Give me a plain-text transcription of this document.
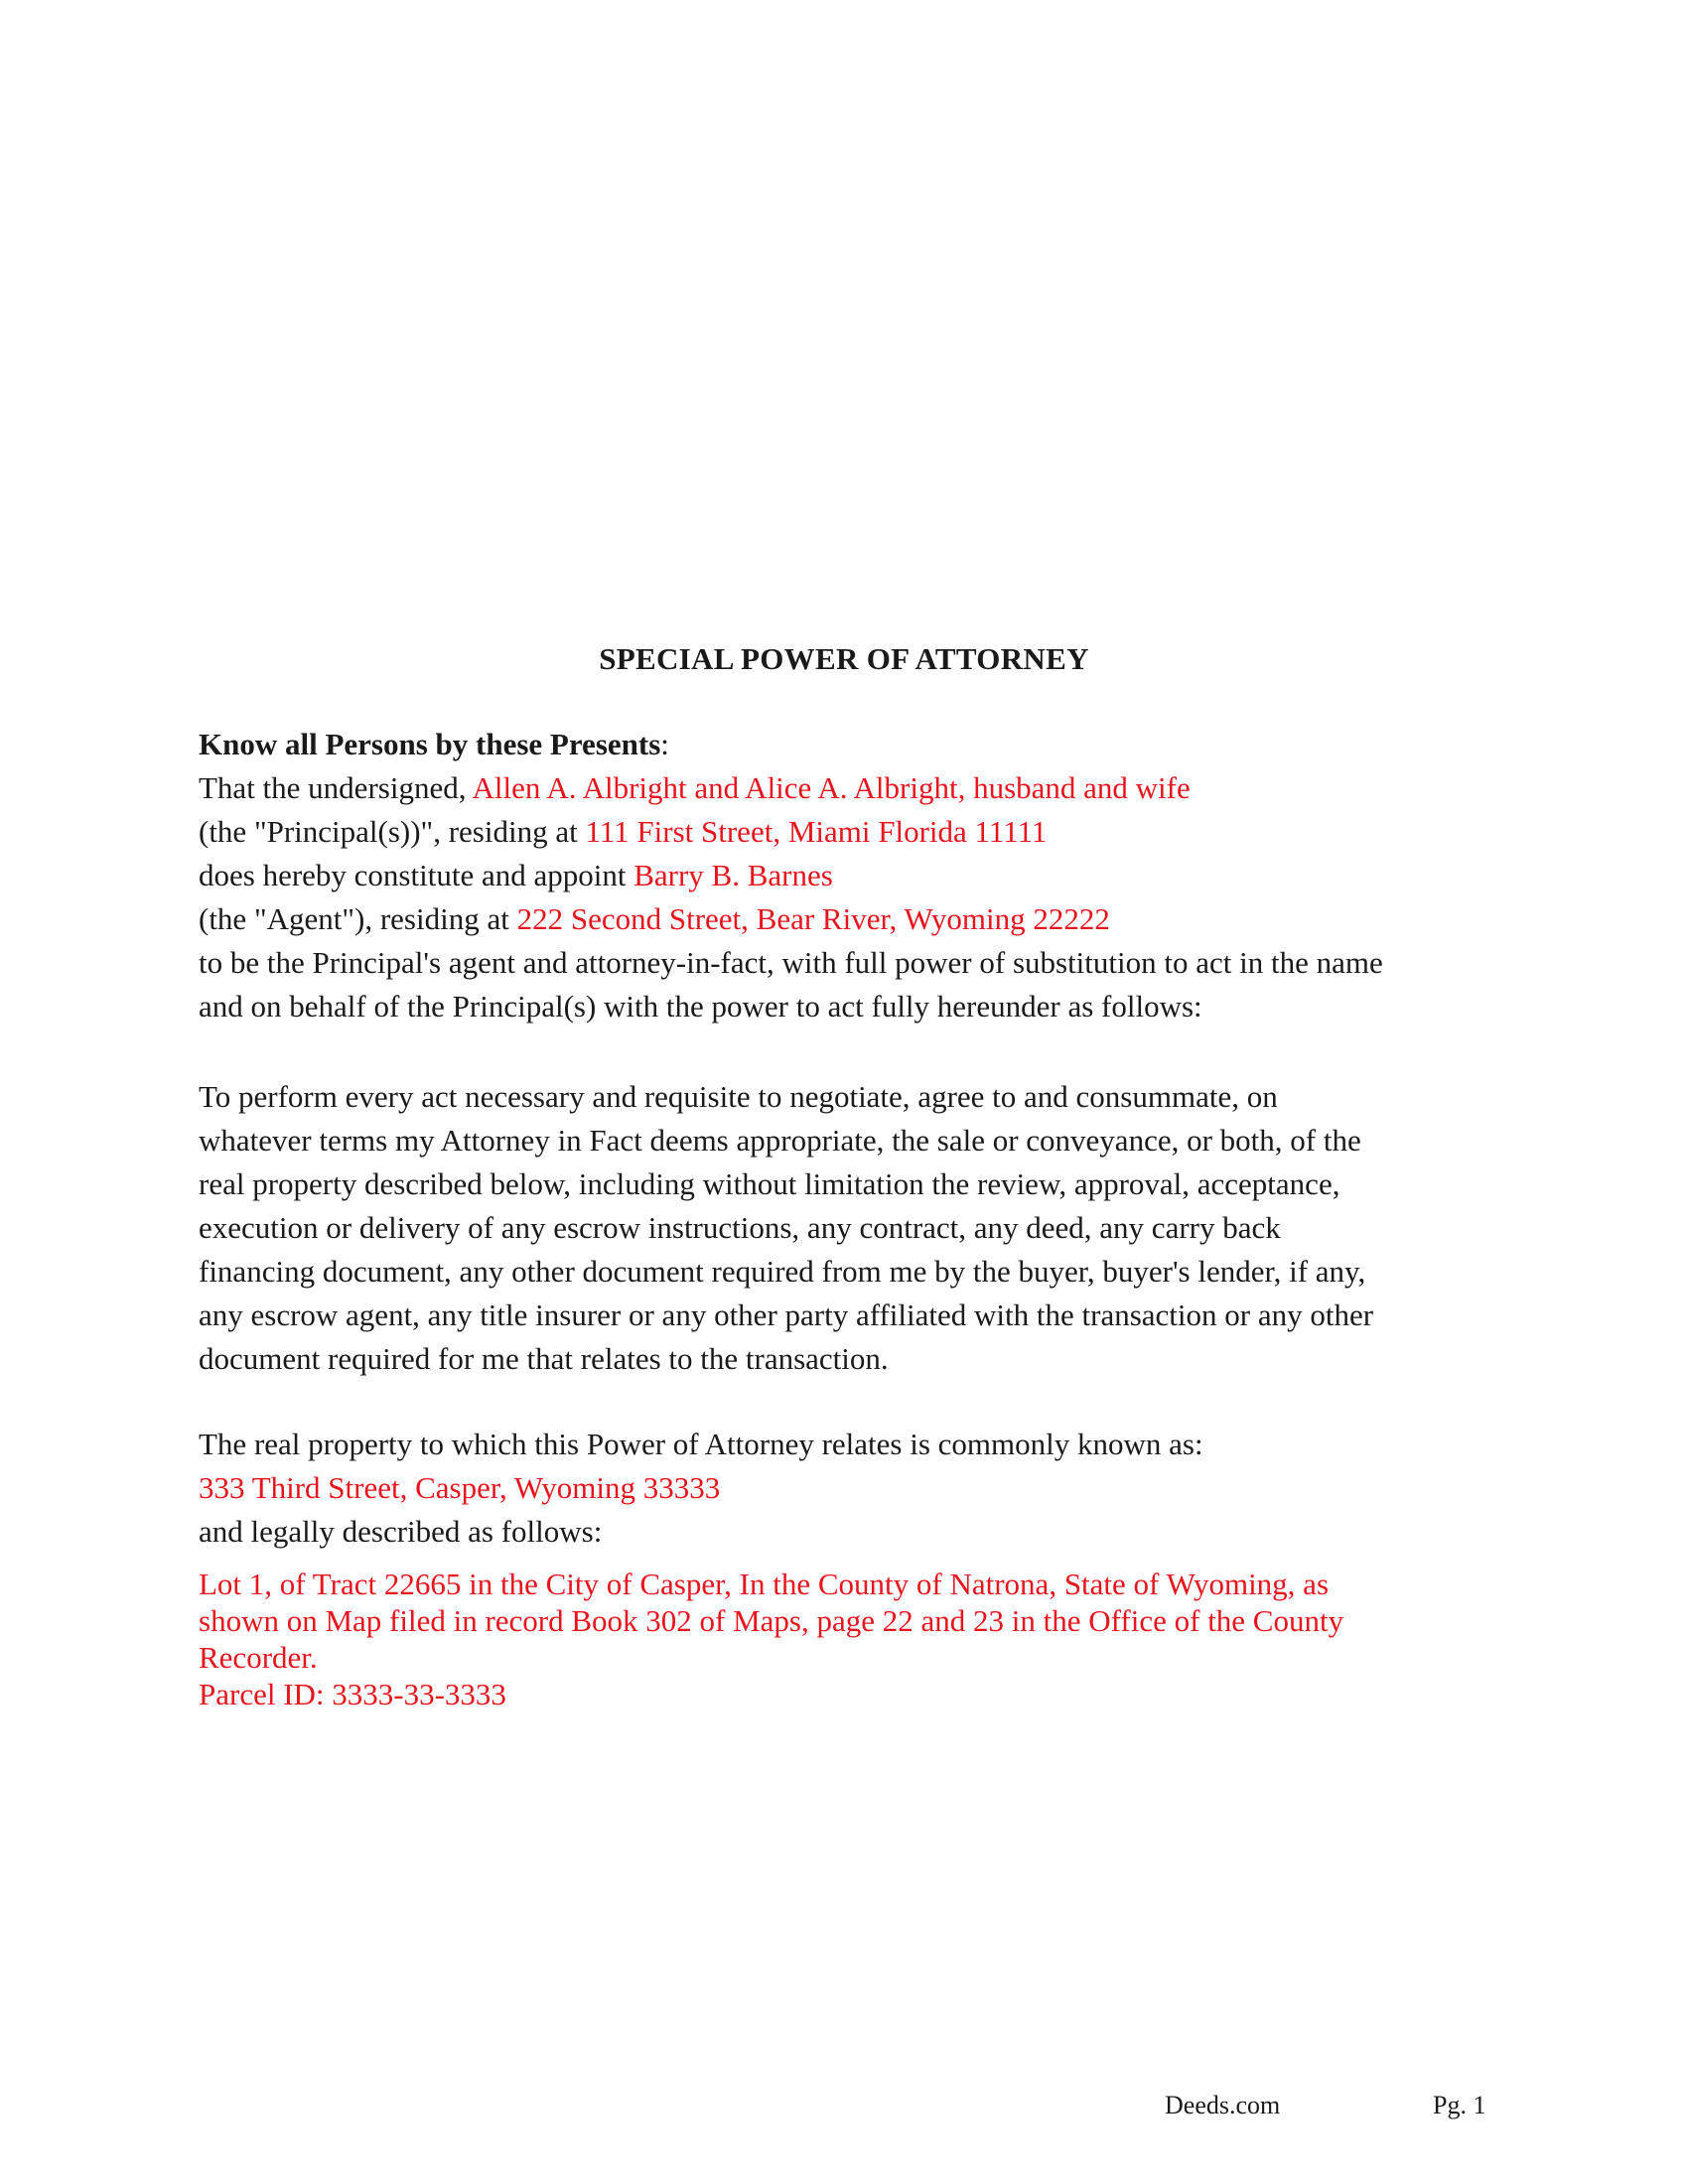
SPECIAL POWER OF ATTORNEY
Know all Persons by these Presents:
That the undersigned, Allen A. Albright and Alice A. Albright, husband and wife
(the "Principal(s))", residing at 111 First Street, Miami Florida 11111
does hereby constitute and appoint Barry B. Barnes
(the "Agent"), residing at 222 Second Street, Bear River, Wyoming 22222
to be the Principal's agent and attorney-in-fact, with full power of substitution to act in the name
and on behalf of the Principal(s) with the power to act fully hereunder as follows:
To perform every act necessary and requisite to negotiate, agree to and consummate, on
whatever terms my Attorney in Fact deems appropriate, the sale or conveyance, or both, of the
real property described below, including without limitation the review, approval, acceptance,
execution or delivery of any escrow instructions, any contract, any deed, any carry back
financing document, any other document required from me by the buyer, buyer's lender, if any,
any escrow agent, any title insurer or any other party affiliated with the transaction or any other
document required for me that relates to the transaction.
The real property to which this Power of Attorney relates is commonly known as:
333 Third Street, Casper, Wyoming 33333
and legally described as follows:
Lot 1, of Tract 22665 in the City of Casper, In the County of Natrona, State of Wyoming, as
shown on Map filed in record Book 302 of Maps, page 22 and 23 in the Office of the County
Recorder.
Parcel ID: 3333-33-3333
Deeds.com	Pg. 1
